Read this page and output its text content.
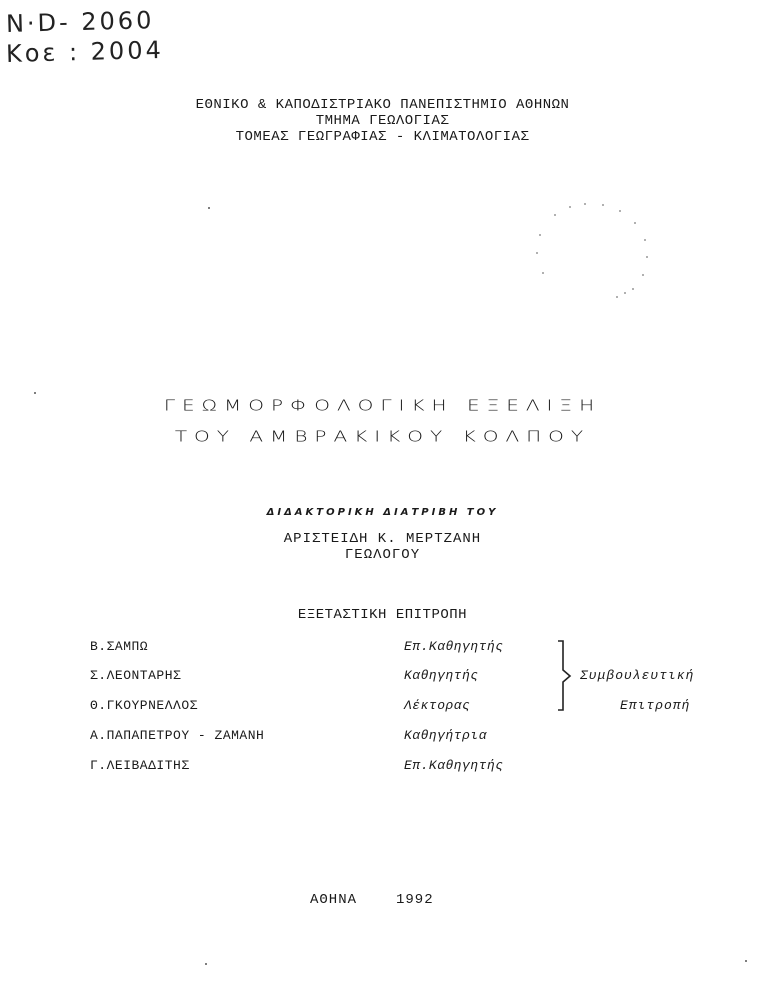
N·D- 2060
Κοε : 2004
ΕΘΝΙΚΟ & ΚΑΠΟΔΙΣΤΡΙΑΚΟ ΠΑΝΕΠΙΣΤΗΜΙΟ ΑΘΗΝΩΝ
ΤΜΗΜΑ ΓΕΩΛΟΓΙΑΣ
ΤΟΜΕΑΣ ΓΕΩΓΡΑΦΙΑΣ - ΚΛΙΜΑΤΟΛΟΓΙΑΣ
ΓΕΩΜΟΡΦΟΛΟΓΙΚΗ ΕΞΕΛΙΞΗ
ΤΟΥ ΑΜΒΡΑΚΙΚΟΥ ΚΟΛΠΟΥ
ΔΙΔΑΚΤΟΡΙΚΗ ΔΙΑΤΡΙΒΗ ΤΟΥ
ΑΡΙΣΤΕΙΔΗ Κ. ΜΕΡΤΖΑΝΗ
ΓΕΩΛΟΓΟΥ
ΕΞΕΤΑΣΤΙΚΗ ΕΠΙΤΡΟΠΗ
Β.ΣΑΜΠΩ	Επ.Καθηγητής
Σ.ΛΕΟΝΤΑΡΗΣ	Καθηγητής
Θ.ΓΚΟΥΡΝΕΛΛΟΣ	Λέκτορας
Α.ΠΑΠΑΠΕΤΡΟΥ - ΖΑΜΑΝΗ	Καθηγήτρια
Γ.ΛΕΙΒΑΔΙΤΗΣ	Επ.Καθηγητής
Συμβουλευτική
Επιτροπή
ΑΘΗΝΑ	1992
